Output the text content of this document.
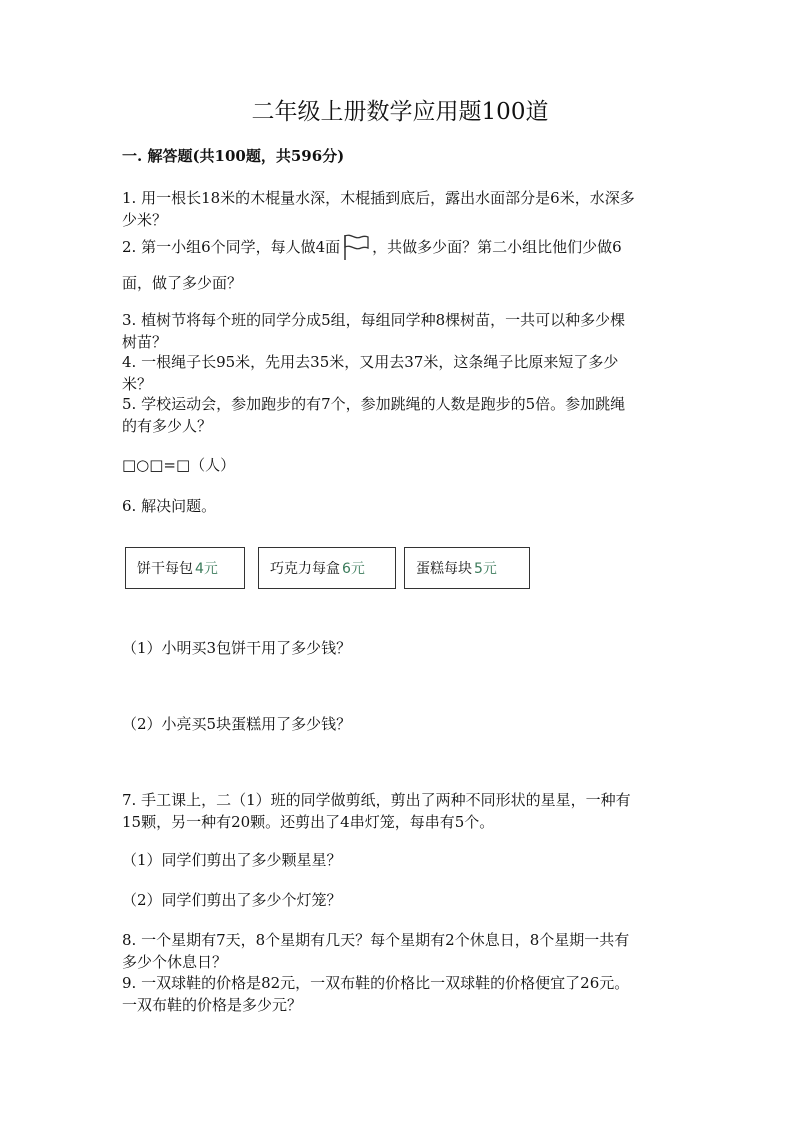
二年级上册数学应用题100道
一. 解答题(共100题，共596分)

1. 用一根长18米的木棍量水深，木棍插到底后，露出水面部分是6米，水深多

少米？

2. 第一小组6个同学，每人做4面 ，共做多少面？第二小组比他们少做6

面，做了多少面？

3. 植树节将每个班的同学分成5组，每组同学种8棵树苗，一共可以种多少棵

树苗？

4. 一根绳子长95米，先用去35米，又用去37米，这条绳子比原来短了多少

米？

5. 学校运动会，参加跑步的有7个，参加跳绳的人数是跑步的5倍。参加跳绳

的有多少人？

□○□=□（人）

6. 解决问题。

饼干每包 4元	巧克力每盒 6元	蛋糕每块 5元

（1）小明买3包饼干用了多少钱？

（2）小亮买5块蛋糕用了多少钱？

7. 手工课上，二（1）班的同学做剪纸，剪出了两种不同形状的星星，一种有

15颗，另一种有20颗。还剪出了4串灯笼，每串有5个。

（1）同学们剪出了多少颗星星？

（2）同学们剪出了多少个灯笼？

8. 一个星期有7天，8个星期有几天？每个星期有2个休息日，8个星期一共有

多少个休息日？

9. 一双球鞋的价格是82元，一双布鞋的价格比一双球鞋的价格便宜了26元。

一双布鞋的价格是多少元？
